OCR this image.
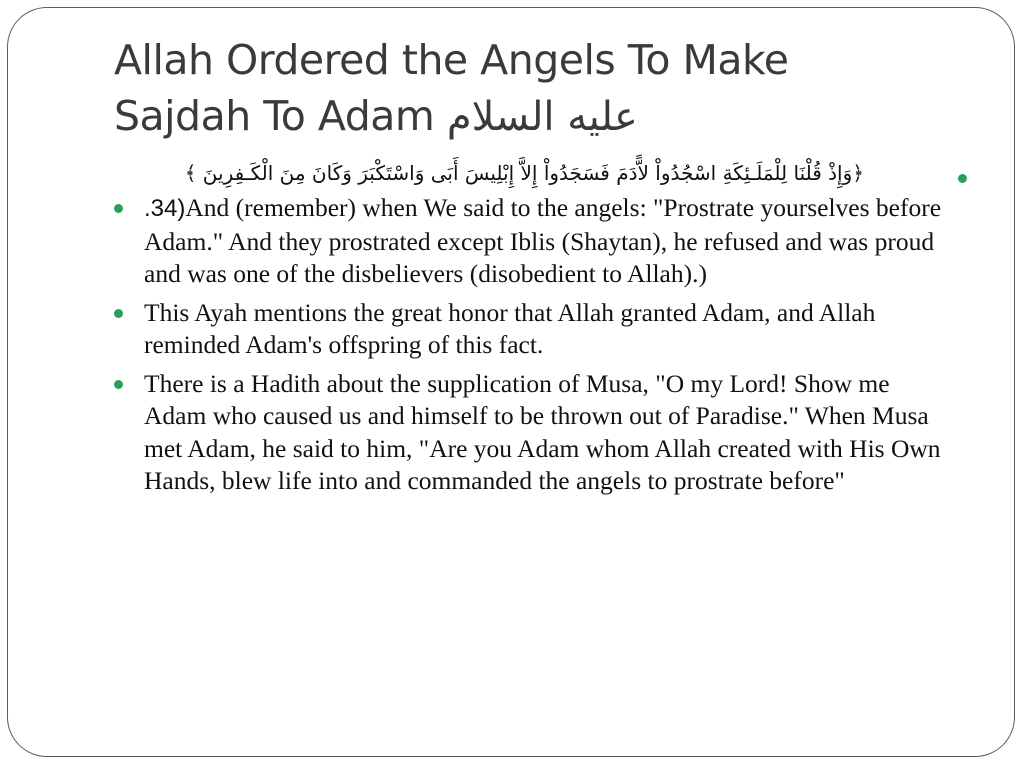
Allah Ordered the Angels To Make
Sajdah To Adam عليه السلام
﴿وَإِذْ قُلْنَا لِلْمَلَـئِكَةِ اسْجُدُواْ لاًّدَمَ فَسَجَدُواْ إِلاَّ إِبْلِيسَ أَبَى وَاسْتَكْبَرَ وَكَانَ مِنَ الْكَـفِرِينَ ﴾
.34)And (remember) when We said to the angels: "Prostrate yourselves before Adam." And they prostrated except Iblis (Shaytan), he refused and was proud and was one of the disbelievers (disobedient to Allah).)
This Ayah mentions the great honor that Allah granted Adam, and Allah reminded Adam's offspring of this fact.
There is a Hadith about the supplication of Musa, "O my Lord! Show me Adam who caused us and himself to be thrown out of Paradise." When Musa met Adam, he said to him, "Are you Adam whom Allah created with His Own Hands, blew life into and commanded the angels to prostrate before"
